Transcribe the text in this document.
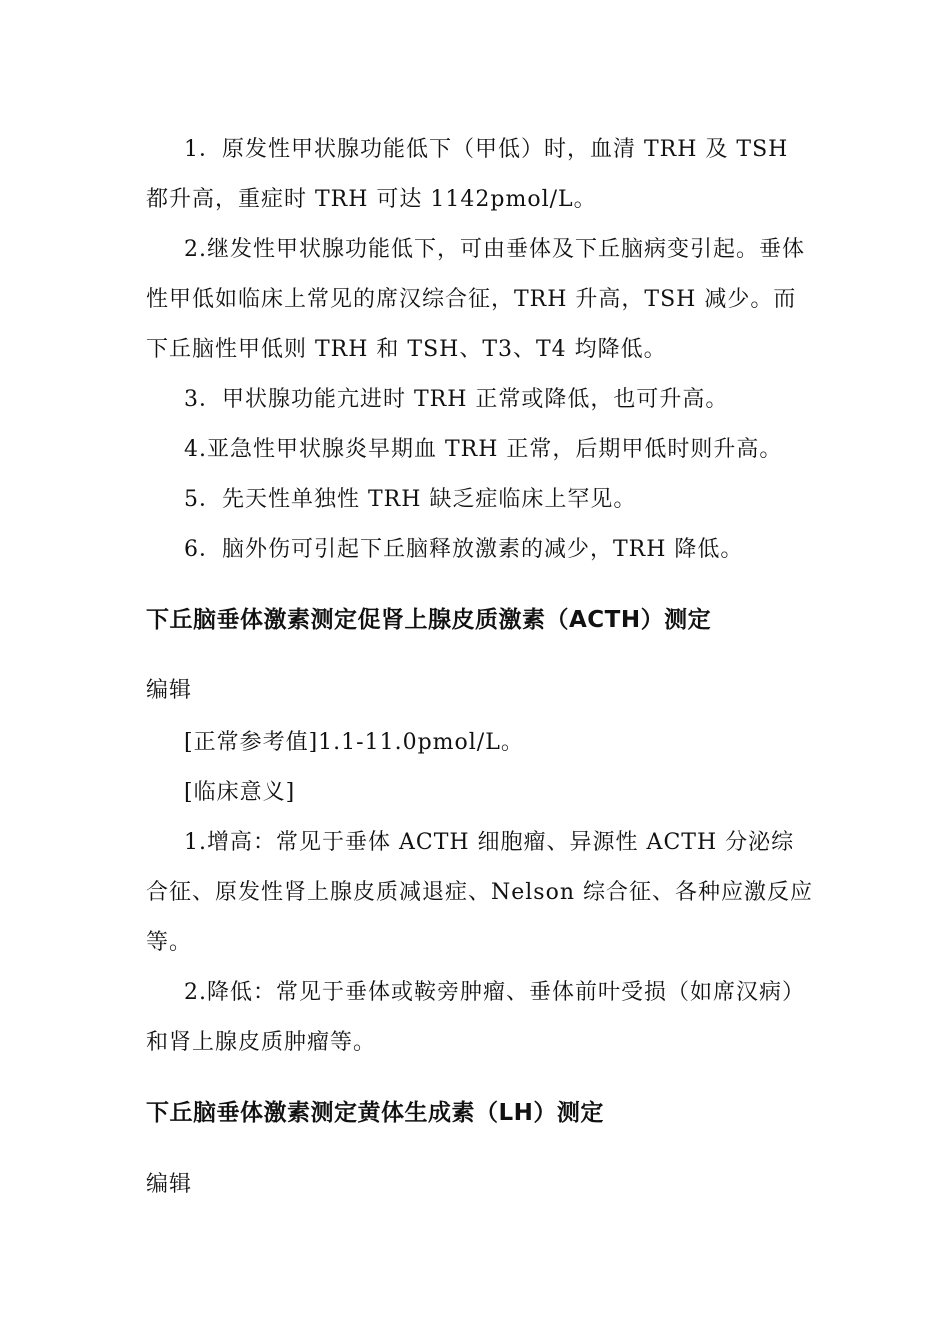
1．原发性甲状腺功能低下（甲低）时，血清 TRH 及 TSH 都升高，重症时 TRH 可达 1142pmol/L。
2.继发性甲状腺功能低下，可由垂体及下丘脑病变引起。垂体性甲低如临床上常见的席汉综合征，TRH 升高，TSH 减少。而下丘脑性甲低则 TRH 和 TSH、T3、T4 均降低。
3．甲状腺功能亢进时 TRH 正常或降低，也可升高。
4.亚急性甲状腺炎早期血 TRH 正常，后期甲低时则升高。
5．先天性单独性 TRH 缺乏症临床上罕见。
6．脑外伤可引起下丘脑释放激素的减少，TRH 降低。
下丘脑垂体激素测定促肾上腺皮质激素（ACTH）测定
编辑
[正常参考值]1.1-11.0pmol/L。
[临床意义]
1.增高：常见于垂体 ACTH 细胞瘤、异源性 ACTH 分泌综合征、原发性肾上腺皮质减退症、Nelson 综合征、各种应激反应等。
2.降低：常见于垂体或鞍旁肿瘤、垂体前叶受损（如席汉病）和肾上腺皮质肿瘤等。
下丘脑垂体激素测定黄体生成素（LH）测定
编辑
